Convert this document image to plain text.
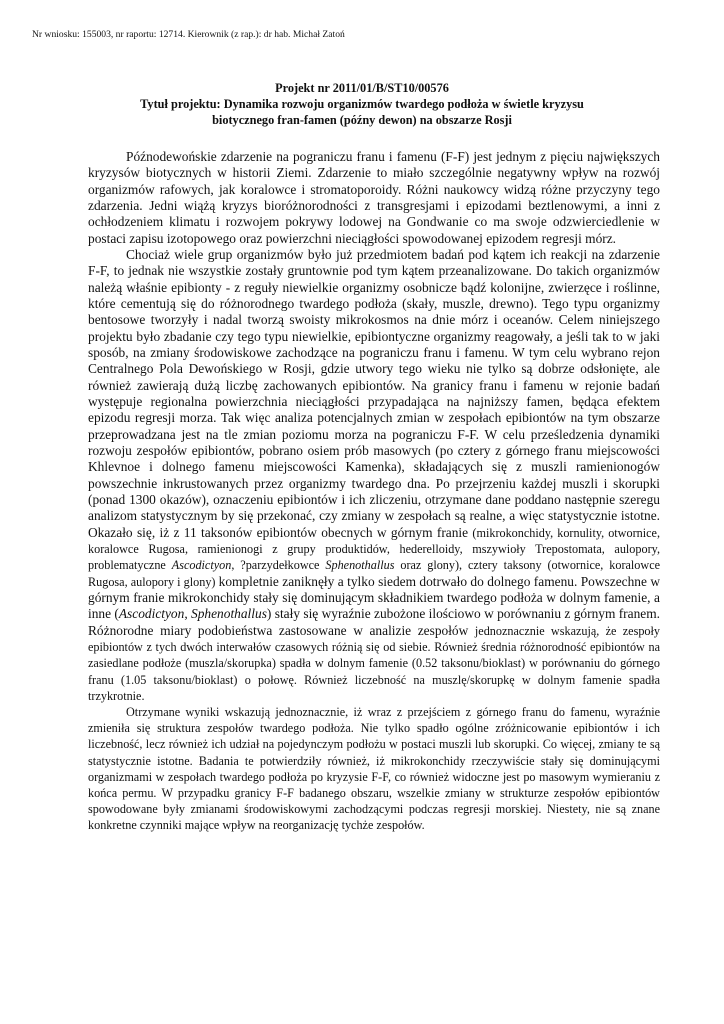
Nr wniosku: 155003, nr raportu: 12714. Kierownik (z rap.): dr hab. Michał Zatoń
Projekt nr 2011/01/B/ST10/00576
Tytuł projektu: Dynamika rozwoju organizmów twardego podłoża w świetle kryzysu
biotycznego fran-famen (późny dewon) na obszarze Rosji

Późnodewońskie zdarzenie na pograniczu franu i famenu (F-F) jest jednym z pięciu największych kryzysów biotycznych w historii Ziemi. Zdarzenie to miało szczególnie negatywny wpływ na rozwój organizmów rafowych, jak koralowce i stromatoporoidy. Różni naukowcy widzą różne przyczyny tego zdarzenia. Jedni wiążą kryzys bioróżnorodności z transgresjami i epizodami beztlenowymi, a inni z ochłodzeniem klimatu i rozwojem pokrywy lodowej na Gondwanie co ma swoje odzwierciedlenie w postaci zapisu izotopowego oraz powierzchni nieciągłości spowodowanej epizodem regresji mórz.

Chociaż wiele grup organizmów było już przedmiotem badań pod kątem ich reakcji na zdarzenie F-F, to jednak nie wszystkie zostały gruntownie pod tym kątem przeanalizowane. Do takich organizmów należą właśnie epibionty - z reguły niewielkie organizmy osobnicze bądź kolonijne, zwierzęce i roślinne, które cementują się do różnorodnego twardego podłoża (skały, muszle, drewno). Tego typu organizmy bentosowe tworzyły i nadal tworzą swoisty mikrokosmos na dnie mórz i oceanów. Celem niniejszego projektu było zbadanie czy tego typu niewielkie, epibiontyczne organizmy reagowały, a jeśli tak to w jaki sposób, na zmiany środowiskowe zachodzące na pograniczu franu i famenu. W tym celu wybrano rejon Centralnego Pola Dewońskiego w Rosji, gdzie utwory tego wieku nie tylko są dobrze odsłonięte, ale również zawierają dużą liczbę zachowanych epibiontów. Na granicy franu i famenu w rejonie badań występuje regionalna powierzchnia nieciągłości przypadająca na najniższy famen, będąca efektem epizodu regresji morza. Tak więc analiza potencjalnych zmian w zespołach epibiontów na tym obszarze przeprowadzana jest na tle zmian poziomu morza na pograniczu F-F. W celu prześledzenia dynamiki rozwoju zespołów epibiontów, pobrano osiem prób masowych (po cztery z górnego franu miejscowości Khlevnoe i dolnego famenu miejscowości Kamenka), składających się z muszli ramienionogów powszechnie inkrustowanych przez organizmy twardego dna. Po przejrzeniu każdej muszli i skorupki (ponad 1300 okazów), oznaczeniu epibiontów i ich zliczeniu, otrzymane dane poddano następnie szeregu analizom statystycznym by się przekonać, czy zmiany w zespołach są realne, a więc statystycznie istotne. Okazało się, iż z 11 taksonów epibiontów obecnych w górnym franie (mikrokonchidy, kornulity, otwornice, koralowce Rugosa, ramienionogi z grupy produktidów, hederelloidy, mszywioły Trepostomata, aulopory, problematyczne Ascodictyon, ?parzydełkowce Sphenothallus oraz glony), cztery taksony (otwornice, koralowce Rugosa, aulopory i glony) kompletnie zaniknęły a tylko siedem dotrwało do dolnego famenu. Powszechne w górnym franie mikrokonchidy stały się dominującym składnikiem twardego podłoża w dolnym famenie, a inne (Ascodictyon, Sphenothallus) stały się wyraźnie zubożone ilościowo w porównaniu z górnym franem. Różnorodne miary podobieństwa zastosowane w analizie zespołów jednoznacznie wskazują, że zespoły epibiontów z tych dwóch interwałów czasowych różnią się od siebie. Również średnia różnorodność epibiontów na zasiedlane podłoże (muszla/skorupka) spadła w dolnym famenie (0.52 taksonu/bioklast) w porównaniu do górnego franu (1.05 taksonu/bioklast) o połowę. Również liczebność na muszlę/skorupkę w dolnym famenie spadła trzykrotnie.

Otrzymane wyniki wskazują jednoznacznie, iż wraz z przejściem z górnego franu do famenu, wyraźnie zmieniła się struktura zespołów twardego podłoża. Nie tylko spadło ogólne zróżnicowanie epibiontów i ich liczebność, lecz również ich udział na pojedynczym podłożu w postaci muszli lub skorupki. Co więcej, zmiany te są statystycznie istotne. Badania te potwierdziły również, iż mikrokonchidy rzeczywiście stały się dominującymi organizmami w zespołach twardego podłoża po kryzysie F-F, co również widoczne jest po masowym wymieraniu z końca permu. W przypadku granicy F-F badanego obszaru, wszelkie zmiany w strukturze zespołów epibiontów spowodowane były zmianami środowiskowymi zachodzącymi podczas regresji morskiej. Niestety, nie są znane konkretne czynniki mające wpływ na reorganizację tychże zespołów.
